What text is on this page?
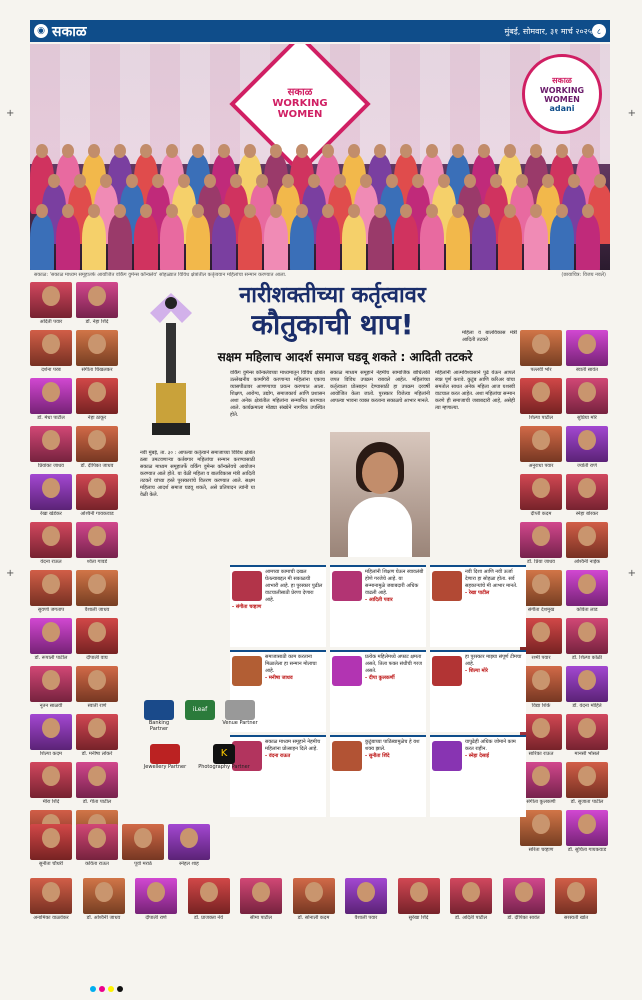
◉ सकाळ	मुंबई, सोमवार, ३१ मार्च २०२५ ८
सकाळ
WORKING
WOMEN
सकाळ
WORKING
WOMEN
adani
सकाळ: 'सकाळ माध्यम समूहातर्फे आयोजित वर्किंग वुमेन्स कॉन्क्लेव' सोहळ्यात विविध क्षेत्रांतील कर्तृत्ववान महिलांचा सन्मान करण्यात आला.	(छायाचित्र: विजय नवले)
अदिती पवार	डॉ. नेहा शिंदे
दर्शना परब	संगीता चिखलकर
डॉ. मेधा पाटील	नेहा ठाकूर
प्रियांका जाधव	डॉ. दीपिका जाधव
रेखा खेडेकर	अश्विनी गायकवाड
वंदना राऊत	श्वेता गावडे
सुवर्णा जगताप	वैशाली जाधव
डॉ. रूपाली पाटील	दीपाली वाघ
नूतन साळवी	स्वाती राणे
शिल्पा कदम	डॉ. मनीषा लोकरे
मीरा शिंदे	डॉ. गीता पाटील
पल्लवी भोर	स्वाती सावंत
शिल्पा पाटील	सुप्रिया मोरे
अनुराधा पवार	ज्योती राणे
दीप्ती कदम	स्नेहा बोरकर
डॉ. प्रिया जाधव	अश्विनी नाईक
संगीता देशमुख	कविता लाड
रश्मी पवार	डॉ. शिल्पा कोळी
विद्या शिर्के	डॉ. वंदना मोहिते
सारिका राऊत	मानसी भोसले
संगीता कुलकर्णी	डॉ. सुजाता पाटील
सरिता चव्हाण	डॉ. सुचिता गायकवाड
नारीशक्तीच्या कर्तृत्वावर
कौतुकाची थाप!
सक्षम महिलाच आदर्श समाज घडवू शकते : आदिती तटकरे
नवी मुंबई, ता. ३० : आपल्या कर्तृत्वाने समाजाच्या विविध क्षेत्रांत ठसा उमटवणाऱ्या कर्तबगार महिलांचा सन्मान करण्यासाठी सकाळ माध्यम समूहातर्फे वर्किंग वुमेन्स कॉन्क्लेवचे आयोजन करण्यात आले होते. या वेळी महिला व बालविकास मंत्री आदिती तटकरे यांच्या हस्ते पुरस्कारांचे वितरण करण्यात आले. सक्षम महिलाच आदर्श समाज घडवू शकते, असे प्रतिपादन त्यांनी या वेळी केले.
वर्किंग वुमेन्स कॉन्क्लेवच्या माध्यमातून विविध क्षेत्रांत उल्लेखनीय कामगिरी करणाऱ्या महिलांना एकाच व्यासपीठावर आणण्याचा प्रयत्न करण्यात आला. शिक्षण, आरोग्य, उद्योग, समाजकार्य आणि प्रशासन अशा अनेक क्षेत्रांतील महिलांना सन्मानित करण्यात आले. कार्यक्रमाला मोठ्या संख्येने नागरिक उपस्थित होते.
महिलांनी आत्मविश्वासाने पुढे येऊन आपले स्वप्न पूर्ण करावे. कुटुंब आणि करिअर यांचा समतोल साधत अनेक महिला आज यशस्वी वाटचाल करत आहेत. अशा महिलांचा सन्मान करणे ही समाजाची जबाबदारी आहे, असेही त्या म्हणाल्या.
सकाळ माध्यम समूहाने नेहमीच सामाजिक बांधिलकी जपत विविध उपक्रम राबवले आहेत. महिलांच्या कर्तृत्वाला प्रोत्साहन देण्यासाठी हा उपक्रम दरवर्षी आयोजित केला जातो. पुरस्कार विजेत्या महिलांनी आपल्या भावना व्यक्त करताना सकाळचे आभार मानले.
महिला व बालविकास मंत्री आदिती तटकरे
आमच्या कामाची दखल घेतल्याबद्दल मी सकाळची आभारी आहे. हा पुरस्कार पुढील वाटचालीसाठी प्रेरणा देणारा आहे.
- संगीता चव्हाण
महिलांनी शिक्षण घेऊन स्वावलंबी होणे गरजेचे आहे. या सन्मानामुळे जबाबदारी अधिक वाढली आहे.
- आदिती पवार
नवी दिशा आणि नवी ऊर्जा देणारा हा सोहळा होता. सर्व सहकाऱ्यांचे मी आभार मानते.
- रेखा पाटील
समाजासाठी काम करताना मिळालेला हा सन्मान मोलाचा आहे.
- मनीषा जाधव
प्रत्येक महिलेमध्ये अफाट क्षमता असते, तिला फक्त संधीची गरज असते.
- दीपा कुलकर्णी
हा पुरस्कार माझ्या संपूर्ण टीमचा आहे.
- शिल्पा मोरे
सकाळ माध्यम समूहाने नेहमीच महिलांना प्रोत्साहन दिले आहे.
- वंदना राऊत
कुटुंबाच्या पाठिंब्यामुळेच हे यश शक्य झाले.
- सुनीता शिंदे
यापुढेही अधिक जोमाने काम करत राहीन.
- स्नेहा देसाई
Banking Partner
iLeaf
Venue Partner
Jewellery Partner
K
Photography Partner
सुनीता चौधरी	कविता राऊत	पूर्वा मराठे	स्नेहल शाह
अनामिका वाळवेकर	डॉ. अश्विनी जाधव	दीपाली राणे	डॉ. प्राजक्ता नेवे	सीमा पाटील	डॉ. सोनाली कदम	वैशाली पवार	सुरेखा शिंदे	डॉ. अदिती पाटील	डॉ. दीपिका सावंत	सरस्वती खोत
+
+
+
+
